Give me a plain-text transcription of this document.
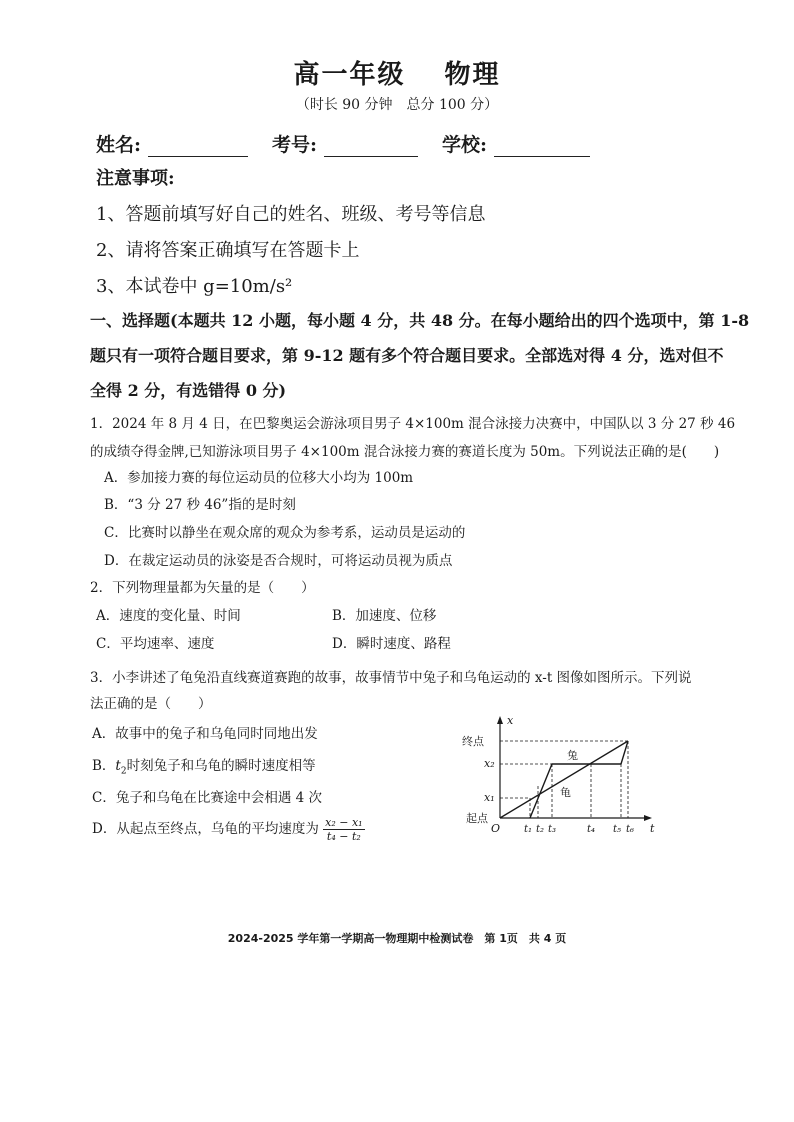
高一年级　 物理
（时长 90 分钟　总分 100 分）
姓名:	考号:	学校:
注意事项:
1、答题前填写好自己的姓名、班级、考号等信息
2、请将答案正确填写在答题卡上
3、本试卷中 g=10m/s²
一、选择题(本题共 12 小题，每小题 4 分，共 48 分。在每小题给出的四个选项中，第 1-8
题只有一项符合题目要求，第 9-12 题有多个符合题目要求。全部选对得 4 分，选对但不
全得 2 分，有选错得 0 分)
1．2024 年 8 月 4 日，在巴黎奥运会游泳项目男子 4×100m 混合泳接力决赛中，中国队以 3 分 27 秒 46
的成绩夺得金牌,已知游泳项目男子 4×100m 混合泳接力赛的赛道长度为 50m。下列说法正确的是(　　)
A．参加接力赛的每位运动员的位移大小均为 100m
B．“3 分 27 秒 46”指的是时刻
C．比赛时以静坐在观众席的观众为参考系，运动员是运动的
D．在裁定运动员的泳姿是否合规时，可将运动员视为质点
2．下列物理量都为矢量的是（　　）
A．速度的变化量、时间	B．加速度、位移
C．平均速率、速度	D．瞬时速度、路程
3．小李讲述了龟兔沿直线赛道赛跑的故事，故事情节中兔子和乌龟运动的 x-t 图像如图所示。下列说
法正确的是（　　）
A．故事中的兔子和乌龟同时同地出发
B．$t_2$时刻兔子和乌龟的瞬时速度相等
C．兔子和乌龟在比赛途中会相遇 4 次
D．从起点至终点，乌龟的平均速度为 $\frac{\text{x₂ − x₁}}{\text{t₄ − t₂}}$
x
t
O
终点
起点
x₂
x₁
兔
龟
t₁ t₂ t₃	t₄ t₅ t₆
2024-2025 学年第一学期高一物理期中检测试卷　第 1页　共 4 页
